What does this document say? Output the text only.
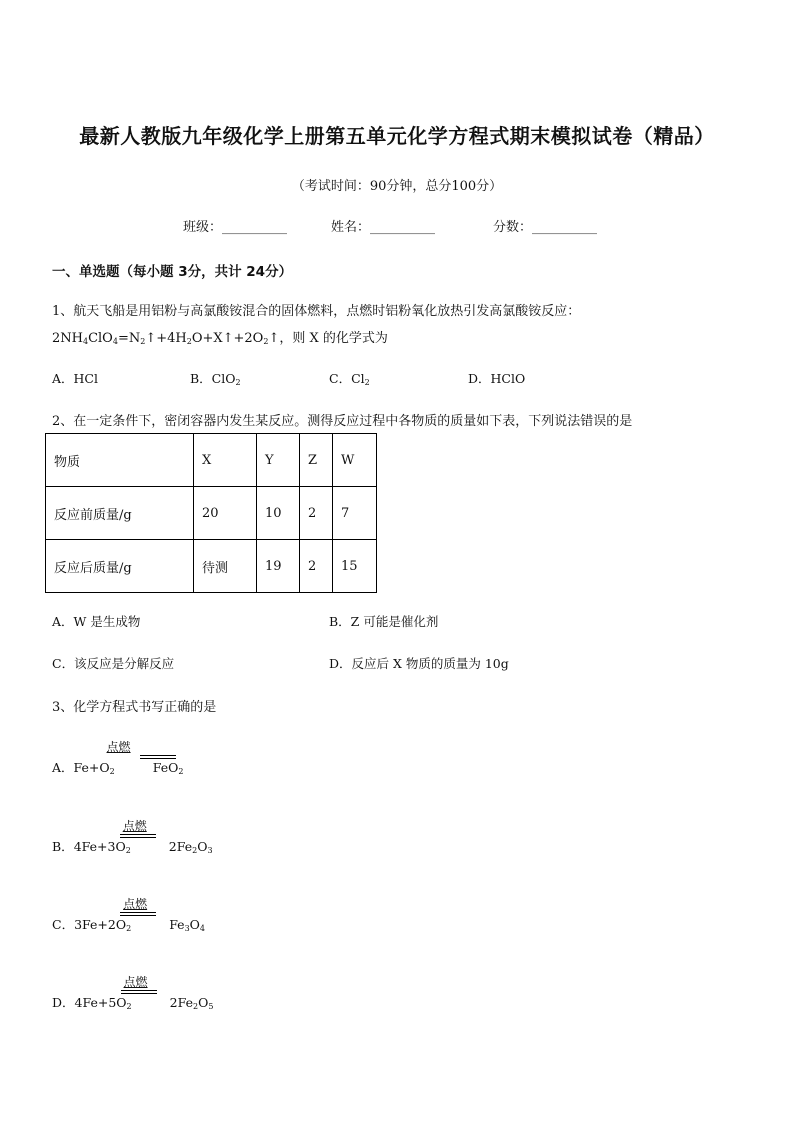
最新人教版九年级化学上册第五单元化学方程式期末模拟试卷（精品）
（考试时间：90分钟，总分100分）
班级：__________	姓名：__________	分数：__________
一、单选题（每小题 3分，共计 24分）
1、航天飞船是用铝粉与高氯酸铵混合的固体燃料，点燃时铝粉氧化放热引发高氯酸铵反应：
$2NH_4ClO_4=N_2↑+4H_2O+X↑+2O_2↑$，则 X 的化学式为
A．HCl	B．ClO$_2$	C．$Cl_2$	D．HClO
2、在一定条件下，密闭容器内发生某反应。测得反应过程中各物质的质量如下表，下列说法错误的是
物质	X	Y	Z	W
反应前质量/g	20	10	2	7
反应后质量/g	待测	19	2	15
A．W 是生成物	B．Z 可能是催化剂
C．该反应是分解反应	D．反应后 X 物质的质量为 10g
3、化学方程式书写正确的是
A．$Fe+O_2$
点燃
FeO$_2$
B．$4Fe+3O_2$
点燃
$2Fe_2O_3$
C．$3Fe+2O_2$
点燃
$Fe_3O_4$
D．$4Fe+5O_2$
点燃
$2Fe_2O_5$
